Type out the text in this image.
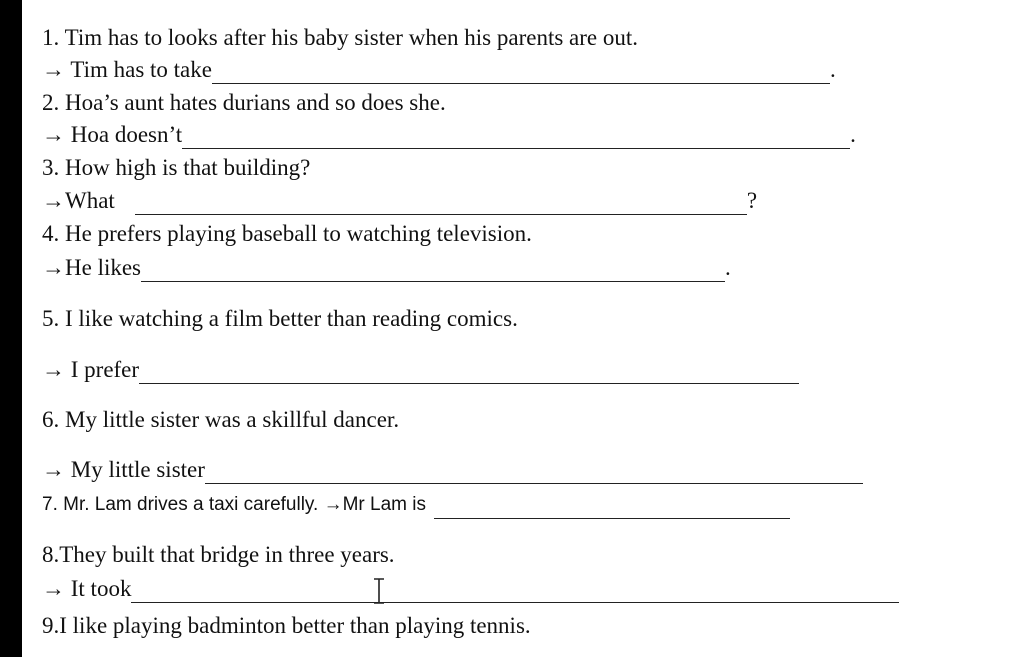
1. Tim has to looks after his baby sister when his parents are out.
→ Tim has to take	.
2. Hoa’s aunt hates durians and so does she.
→ Hoa doesn’t	.
3. How high is that building?
→What	?
4. He prefers playing baseball to watching television.
→He likes	.
5. I like watching a film better than reading comics.
→ I prefer
6. My little sister was a skillful dancer.
→ My little sister
7. Mr. Lam drives a taxi carefully. →Mr Lam is
8.They built that bridge in three years.
→ It took
9.I like playing badminton better than playing tennis.
